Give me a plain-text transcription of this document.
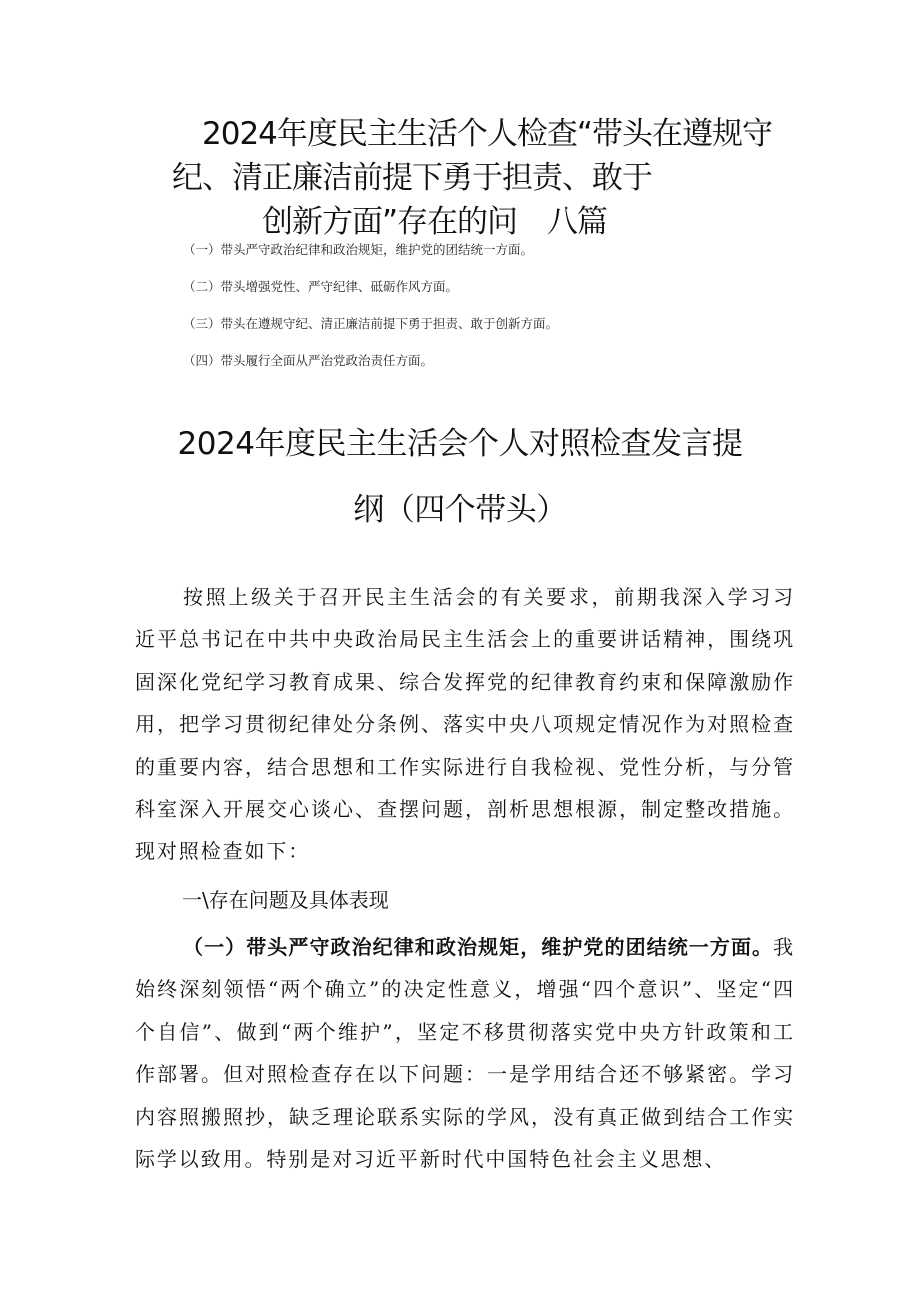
2024年度民主生活个人检查“带头在遵规守
纪、清正廉洁前提下勇于担责、敢于
创新方面”存在的问　八篇
（一）带头严守政治纪律和政治规矩，维护党的团结统一方面。
（二）带头增强党性、严守纪律、砥砺作风方面。
（三）带头在遵规守纪、清正廉洁前提下勇于担责、敢于创新方面。
（四）带头履行全面从严治党政治责任方面。
2024年度民主生活会个人对照检查发言提
纲（四个带头）
按照上级关于召开民主生活会的有关要求，前期我深入学习习近平总书记在中共中央政治局民主生活会上的重要讲话精神，围绕巩固深化党纪学习教育成果、综合发挥党的纪律教育约束和保障激励作用，把学习贯彻纪律处分条例、落实中央八项规定情况作为对照检查的重要内容，结合思想和工作实际进行自我检视、党性分析，与分管科室深入开展交心谈心、查摆问题，剖析思想根源，制定整改措施。现对照检查如下：
一\存在问题及具体表现
（一）带头严守政治纪律和政治规矩，维护党的团结统一方面。我始终深刻领悟“两个确立”的决定性意义，增强“四个意识”、坚定“四个自信”、做到“两个维护”，坚定不移贯彻落实党中央方针政策和工作部署。但对照检查存在以下问题：一是学用结合还不够紧密。学习内容照搬照抄，缺乏理论联系实际的学风，没有真正做到结合工作实际学以致用。特别是对习近平新时代中国特色社会主义思想、
